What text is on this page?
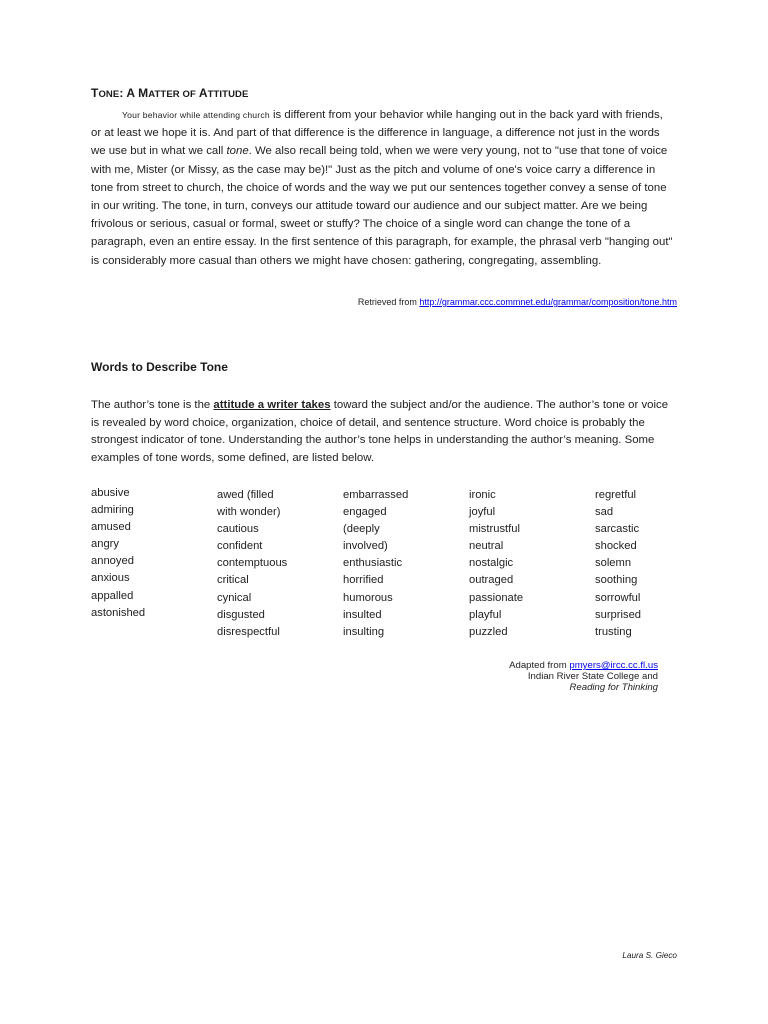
TONE: A MATTER OF ATTITUDE

Your behavior while attending church is different from your behavior while hanging out in the back yard with friends, or at least we hope it is. And part of that difference is the difference in language, a difference not just in the words we use but in what we call tone. We also recall being told, when we were very young, not to "use that tone of voice with me, Mister (or Missy, as the case may be)!" Just as the pitch and volume of one's voice carry a difference in tone from street to church, the choice of words and the way we put our sentences together convey a sense of tone in our writing. The tone, in turn, conveys our attitude toward our audience and our subject matter. Are we being frivolous or serious, casual or formal, sweet or stuffy? The choice of a single word can change the tone of a paragraph, even an entire essay. In the first sentence of this paragraph, for example, the phrasal verb "hanging out" is considerably more casual than others we might have chosen: gathering, congregating, assembling.

Retrieved from http://grammar.ccc.commnet.edu/grammar/composition/tone.htm
Words to Describe Tone

The author’s tone is the attitude a writer takes toward the subject and/or the audience. The author’s tone or voice is revealed by word choice, organization, choice of detail, and sentence structure. Word choice is probably the strongest indicator of tone. Understanding the author’s tone helps in understanding the author’s meaning. Some examples of tone words, some defined, are listed below.

abusive
admiring
amused
angry
annoyed
anxious
appalled
astonished
awed (filled
with wonder)
cautious
confident
contemptuous
critical
cynical
disgusted
disrespectful
embarrassed
engaged
(deeply
involved)
enthusiastic
horrified
humorous
insulted
insulting
ironic
joyful
mistrustful
neutral
nostalgic
outraged
passionate
playful
puzzled
regretful
sad
sarcastic
shocked
solemn
soothing
sorrowful
surprised
trusting
Adapted from pmyers@ircc.cc.fl.us
Indian River State College and
Reading for Thinking
Laura S. Gieco
